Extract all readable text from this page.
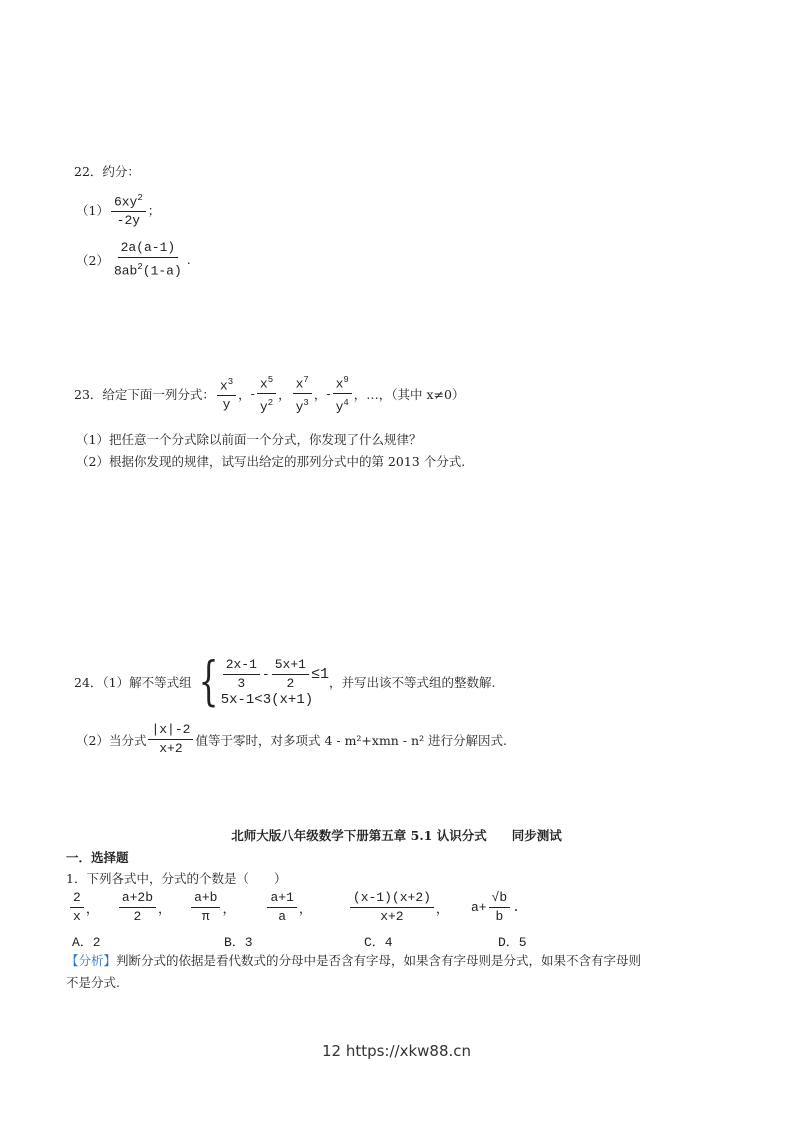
22．约分：
$(1) \frac{6xy^2}{-2y}$ ；
$(2) \frac{2a(a-1)}{8ab^2(1-a)}$ .
23．给定下面一列分式： $\frac{x^3}{y}$ ， - $\frac{x^5}{y^2}$ ， $\frac{x^7}{y^3}$ ， - $\frac{x^9}{y^4}$ ，…，（其中 x≠0）
（1）把任意一个分式除以前面一个分式，你发现了什么规律？
（2）根据你发现的规律，试写出给定的那列分式中的第 2013 个分式.
24．（1）解不等式组 { $\frac{2x-1}{3} - \frac{5x+1}{2} \le 1$
5x-1<3(x+1)
，并写出该不等式组的整数解.
（2）当分式 $\frac{|x|-2}{x+2}$ 值等于零时，对多项式 4 - m²+xmn - n² 进行分解因式.
北师大版八年级数学下册第五章 5.1 认识分式　　同步测试
一．选择题
1．下列各式中，分式的个数是（　　）
$\frac{2}{x}$ ， $\frac{a+2b}{2}$ ， $\frac{a+b}{\pi}$ ， $\frac{a+1}{a}$ ，	$\frac{(x-1)(x+2)}{x+2}$ ， $a+ \frac{√b}{b}$ .
A．2	B．3	C．4	D．5
【分析】判断分式的依据是看代数式的分母中是否含有字母，如果含有字母则是分式，如果不含有字母则
不是分式.
12 https://xkw88.cn
